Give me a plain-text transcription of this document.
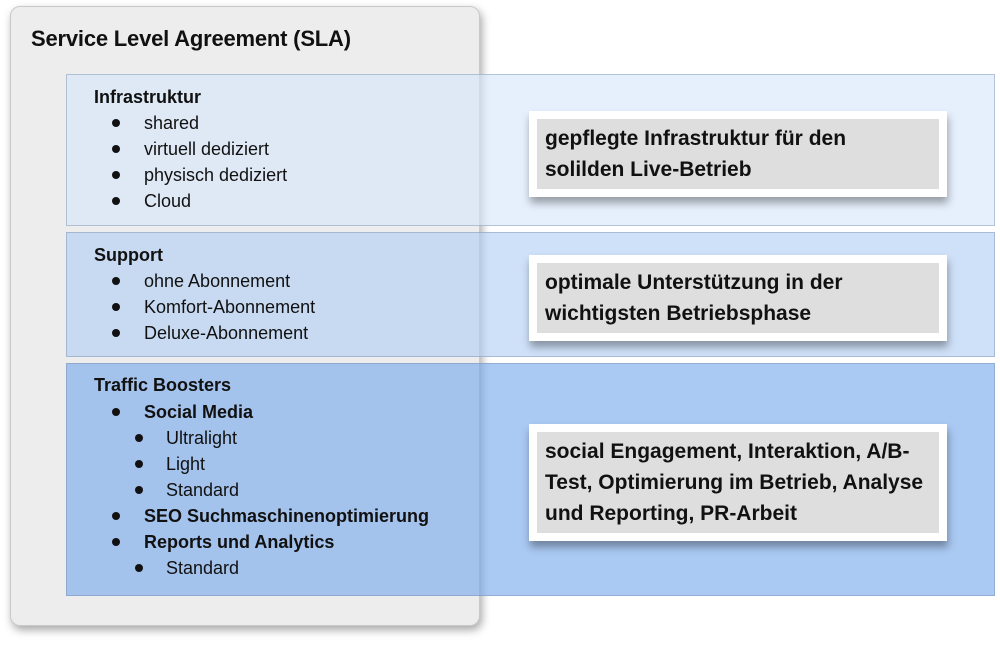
Service Level Agreement (SLA)
Infrastruktur
shared
virtuell dediziert
physisch dediziert
Cloud
Support
ohne Abonnement
Komfort-Abonnement
Deluxe-Abonnement
Traffic Boosters
Social Media
Ultralight
Light
Standard
SEO Suchmaschinenoptimierung
Reports und Analytics
Standard
gepflegte Infrastruktur für den solilden Live-Betrieb
optimale Unterstützung in der wichtigsten Betriebsphase
social Engagement, Interaktion, A/B-Test, Optimierung im Betrieb, Analyse und Reporting, PR-Arbeit
